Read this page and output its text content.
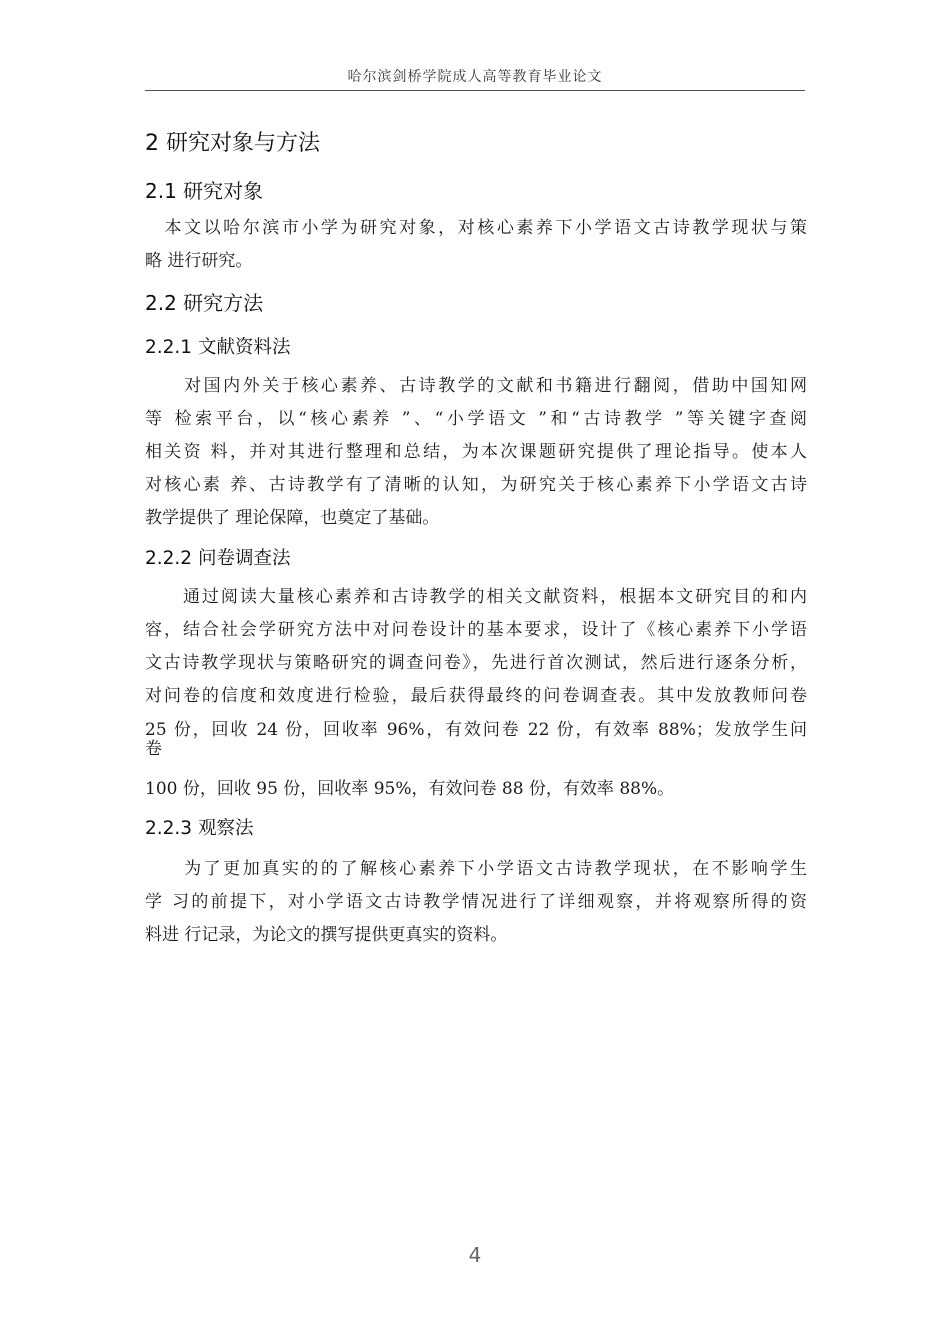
哈尔滨剑桥学院成人高等教育毕业论文
2 研究对象与方法
2.1 研究对象
　本文以哈尔滨市小学为研究对象，对核心素养下小学语文古诗教学现状与策
略 进行研究。
2.2 研究方法
2.2.1 文献资料法
　　对国内外关于核心素养、古诗教学的文献和书籍进行翻阅，借助中国知网
等 检索平台，以“核心素养 ”、“小学语文 ”和“古诗教学 ”等关键字查阅
相关资 料，并对其进行整理和总结，为本次课题研究提供了理论指导。使本人
对核心素 养、古诗教学有了清晰的认知，为研究关于核心素养下小学语文古诗
教学提供了 理论保障，也奠定了基础。
2.2.2 问卷调查法
　　通过阅读大量核心素养和古诗教学的相关文献资料，根据本文研究目的和内
容，结合社会学研究方法中对问卷设计的基本要求，设计了《核心素养下小学语
文古诗教学现状与策略研究的调查问卷》，先进行首次测试，然后进行逐条分析，
对问卷的信度和效度进行检验，最后获得最终的问卷调查表。其中发放教师问卷
25 份，回收 24 份，回收率 96%，有效问卷 22 份，有效率 88%；发放学生问
卷
100 份，回收 95 份，回收率 95%，有效问卷 88 份，有效率 88%。
2.2.3 观察法
　　为了更加真实的的了解核心素养下小学语文古诗教学现状，在不影响学生
学 习的前提下，对小学语文古诗教学情况进行了详细观察，并将观察所得的资
料进 行记录，为论文的撰写提供更真实的资料。
4
